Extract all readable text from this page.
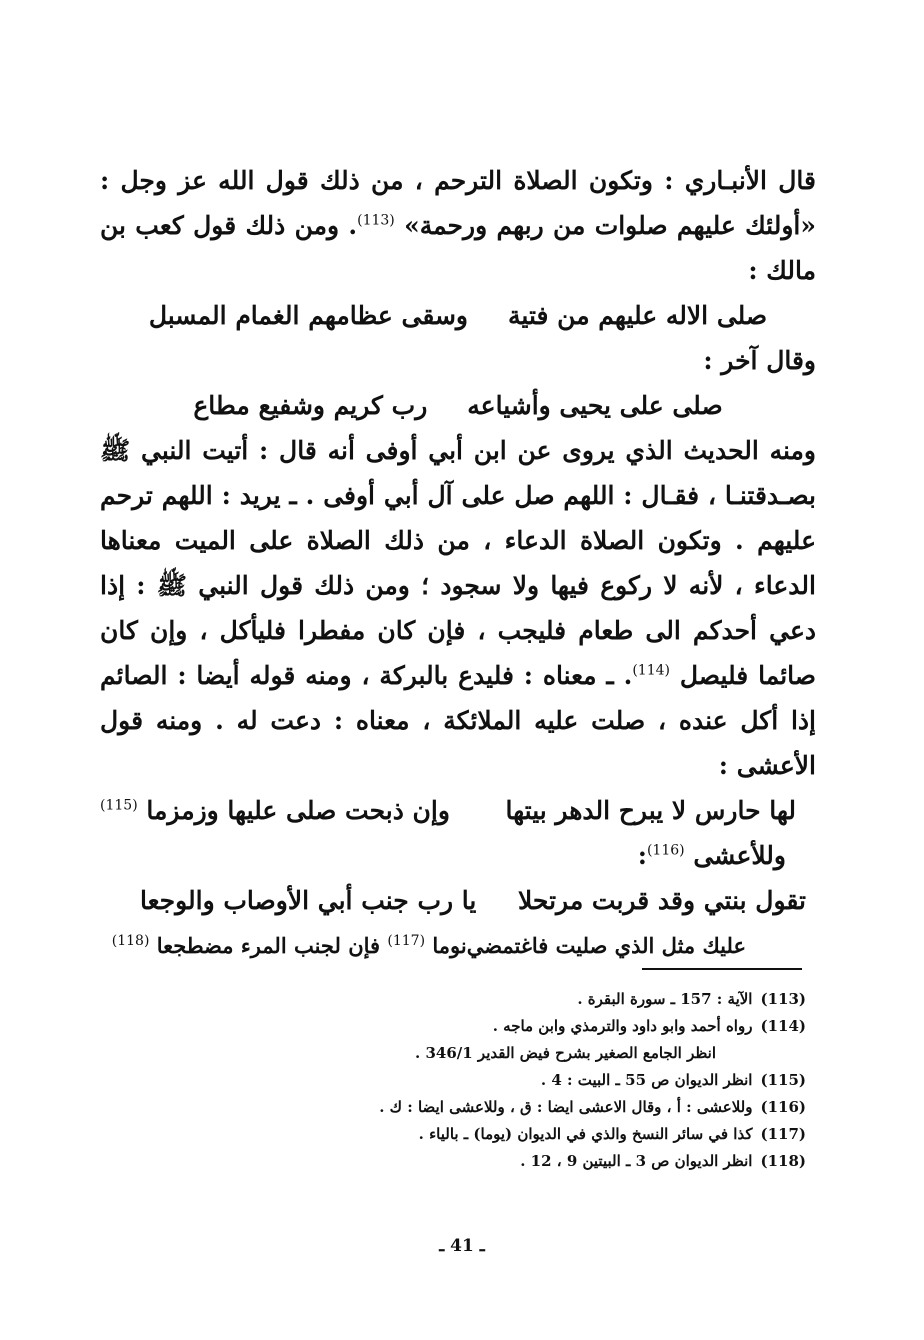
قال الأنبـاري : وتكون الصلاة الترحم ، من ذلك قول الله عز وجل : «أولئك عليهم صلوات من ربهم ورحمة» $^{(113)}$. ومن ذلك قول كعب بن مالك :

صلى الاله عليهم من فتية
وسقى عظامهم الغمام المسبل

وقال آخر :

صلى على يحيى وأشياعه
رب كريم وشفيع مطاع

ومنه الحديث الذي يروى عن ابن أبي أوفى أنه قال : أتيت النبي ﷺ بصـدقتنـا ، فقـال : اللهم صل على آل أبي أوفى . ـ يريد : اللهم ترحم عليهم . وتكون الصلاة الدعاء ، من ذلك الصلاة على الميت معناها الدعاء ، لأنه لا ركوع فيها ولا سجود ؛ ومن ذلك قول النبي ﷺ : إذا دعي أحدكم الى طعام فليجب ، فإن كان مفطرا فليأكل ، وإن كان صائما فليصل $^{(114)}$. ـ معناه : فليدع بالبركة ، ومنه قوله أيضا : الصائم إذا أكل عنده ، صلت عليه الملائكة ، معناه : دعت له . ومنه قول الأعشى :

لها حارس لا يبرح الدهر بيتها
وإن ذبحت صلى عليها وزمزما $^{(115)}$

وللأعشى $^{(116)}$:

تقول بنتي وقد قربت مرتحلا
يا رب جنب أبي الأوصاب والوجعا
عليك مثل الذي صليت فاغتمضي
نوما $^{(117)}$ فإن لجنب المرء مضطجعا $^{(118)}$
(113)الآية : 157 ـ سورة البقرة .
(114)رواه أحمد وابو داود والترمذي وابن ماجه .
انظر الجامع الصغير بشرح فيض القدير 346/1 .
(115)انظر الديوان ص 55 ـ البيت : 4 .
(116)وللاعشى : أ ، وقال الاعشى ايضا : ق ، وللاعشى ايضا : ك .
(117)كذا في سائر النسخ والذي في الديوان (يوما) ـ بالياء .
(118)انظر الديوان ص 3 ـ البيتين 9 ، 12 .
ـ 41 ـ
